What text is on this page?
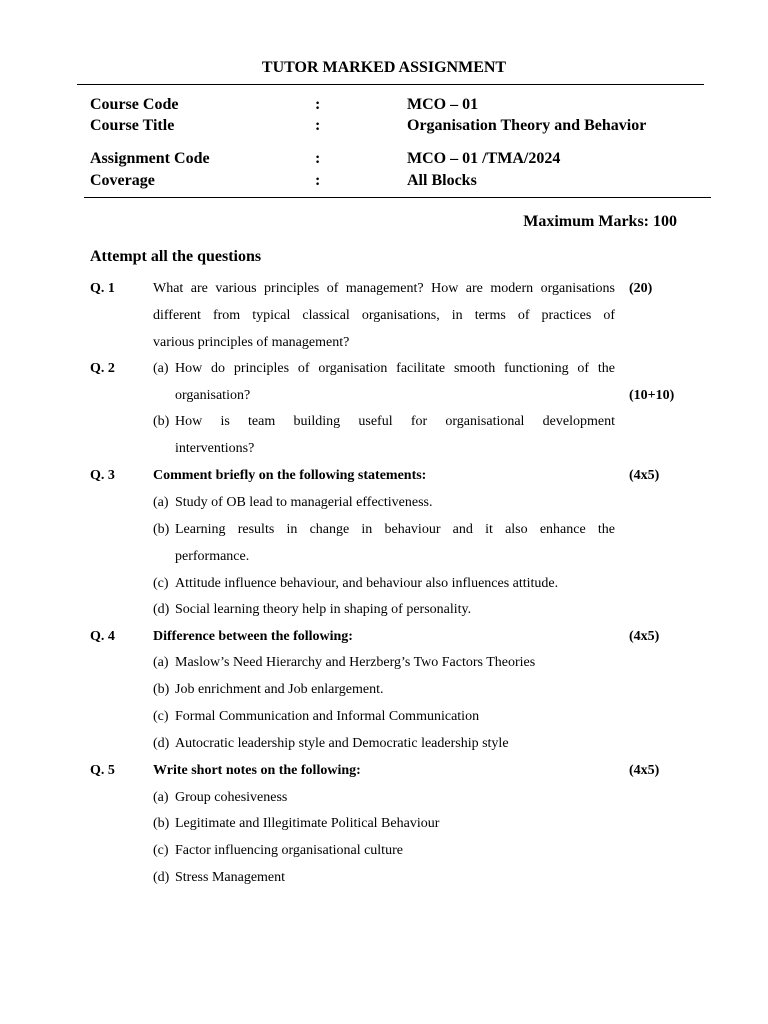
TUTOR MARKED ASSIGNMENT
Course Code	:	MCO – 01
Course Title	:	Organisation Theory and Behavior
Assignment Code	:	MCO – 01 /TMA/2024
Coverage	:	All Blocks
Maximum Marks: 100
Attempt all the questions
Q. 1	What are various principles of management? How are modern organisations
different from typical classical organisations, in terms of practices of
various principles of management?
(20)
Q. 2	(a) How do principles of organisation facilitate smooth functioning of the
organisation?	(10+10)
(b) How is team building useful for organisational development
interventions?
Q. 3	Comment briefly on the following statements:	(4x5)
(a) Study of OB lead to managerial effectiveness.
(b) Learning results in change in behaviour and it also enhance the
performance.
(c) Attitude influence behaviour, and behaviour also influences attitude.
(d) Social learning theory help in shaping of personality.
Q. 4	Difference between the following:	(4x5)
(a) Maslow’s Need Hierarchy and Herzberg’s Two Factors Theories
(b) Job enrichment and Job enlargement.
(c) Formal Communication and Informal Communication
(d) Autocratic leadership style and Democratic leadership style
Q. 5	Write short notes on the following:	(4x5)
(a) Group cohesiveness
(b) Legitimate and Illegitimate Political Behaviour
(c) Factor influencing organisational culture
(d) Stress Management
